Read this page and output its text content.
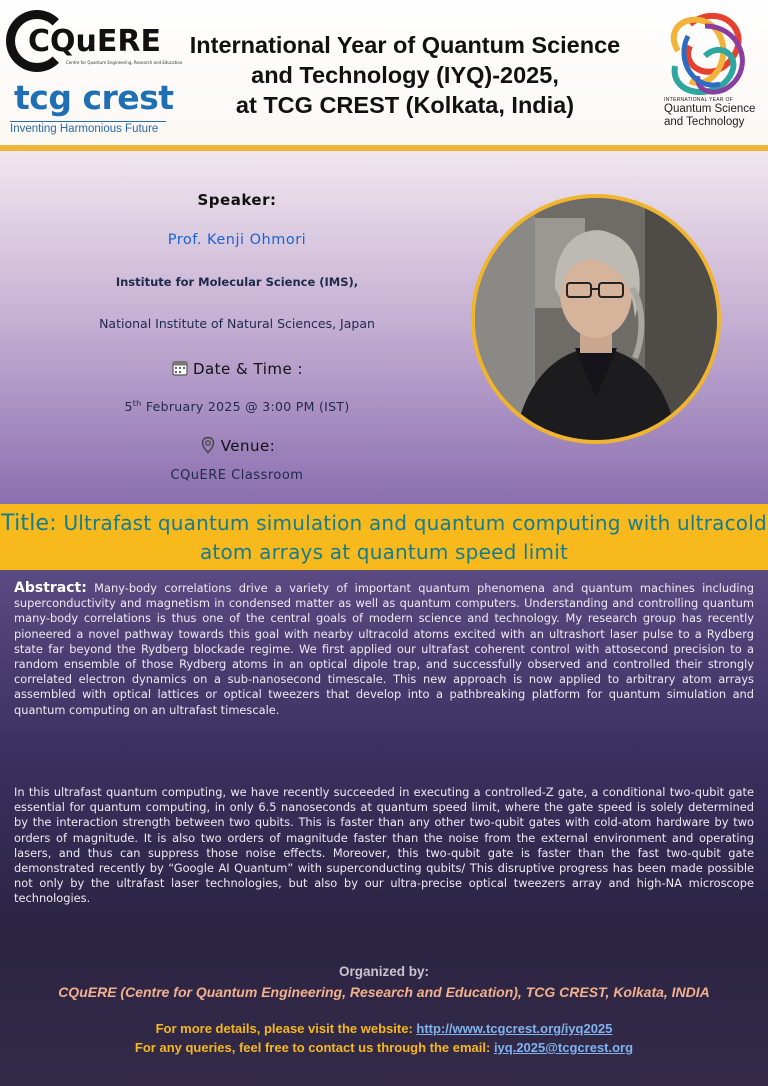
CQuERE
Centre for Quantum Engineering, Research and Education
tcg crest
Inventing Harmonious Future
International Year of Quantum Science
and Technology (IYQ)-2025,
at TCG CREST (Kolkata, India)	INTERNATIONAL YEAR OF
Quantum Science
and Technology
Speaker:
Prof. Kenji Ohmori
Institute for Molecular Science (IMS),
National Institute of Natural Sciences, Japan
Date & Time :
5th February 2025 @ 3:00 PM (IST)
Venue:
CQuERE Classroom
Title: Ultrafast quantum simulation and quantum computing with ultracold atom arrays at quantum speed limit
Abstract: Many-body correlations drive a variety of important quantum phenomena and quantum machines including superconductivity and magnetism in condensed matter as well as quantum computers. Understanding and controlling quantum many-body correlations is thus one of the central goals of modern science and technology. My research group has recently pioneered a novel pathway towards this goal with nearby ultracold atoms excited with an ultrashort laser pulse to a Rydberg state far beyond the Rydberg blockade regime. We first applied our ultrafast coherent control with attosecond precision to a random ensemble of those Rydberg atoms in an optical dipole trap, and successfully observed and controlled their strongly correlated electron dynamics on a sub-nanosecond timescale. This new approach is now applied to arbitrary atom arrays assembled with optical lattices or optical tweezers that develop into a pathbreaking platform for quantum simulation and quantum computing on an ultrafast timescale.
In this ultrafast quantum computing, we have recently succeeded in executing a controlled-Z gate, a conditional two-qubit gate essential for quantum computing, in only 6.5 nanoseconds at quantum speed limit, where the gate speed is solely determined by the interaction strength between two qubits. This is faster than any other two-qubit gates with cold-atom hardware by two orders of magnitude. It is also two orders of magnitude faster than the noise from the external environment and operating lasers, and thus can suppress those noise effects. Moreover, this two-qubit gate is faster than the fast two-qubit gate demonstrated recently by “Google AI Quantum” with superconducting qubits/ This disruptive progress has been made possible not only by the ultrafast laser technologies, but also by our ultra-precise optical tweezers array and high-NA microscope technologies.
Organized by:
CQuERE (Centre for Quantum Engineering, Research and Education), TCG CREST, Kolkata, INDIA
For more details, please visit the website: http://www.tcgcrest.org/iyq2025
For any queries, feel free to contact us through the email: iyq.2025@tcgcrest.org
